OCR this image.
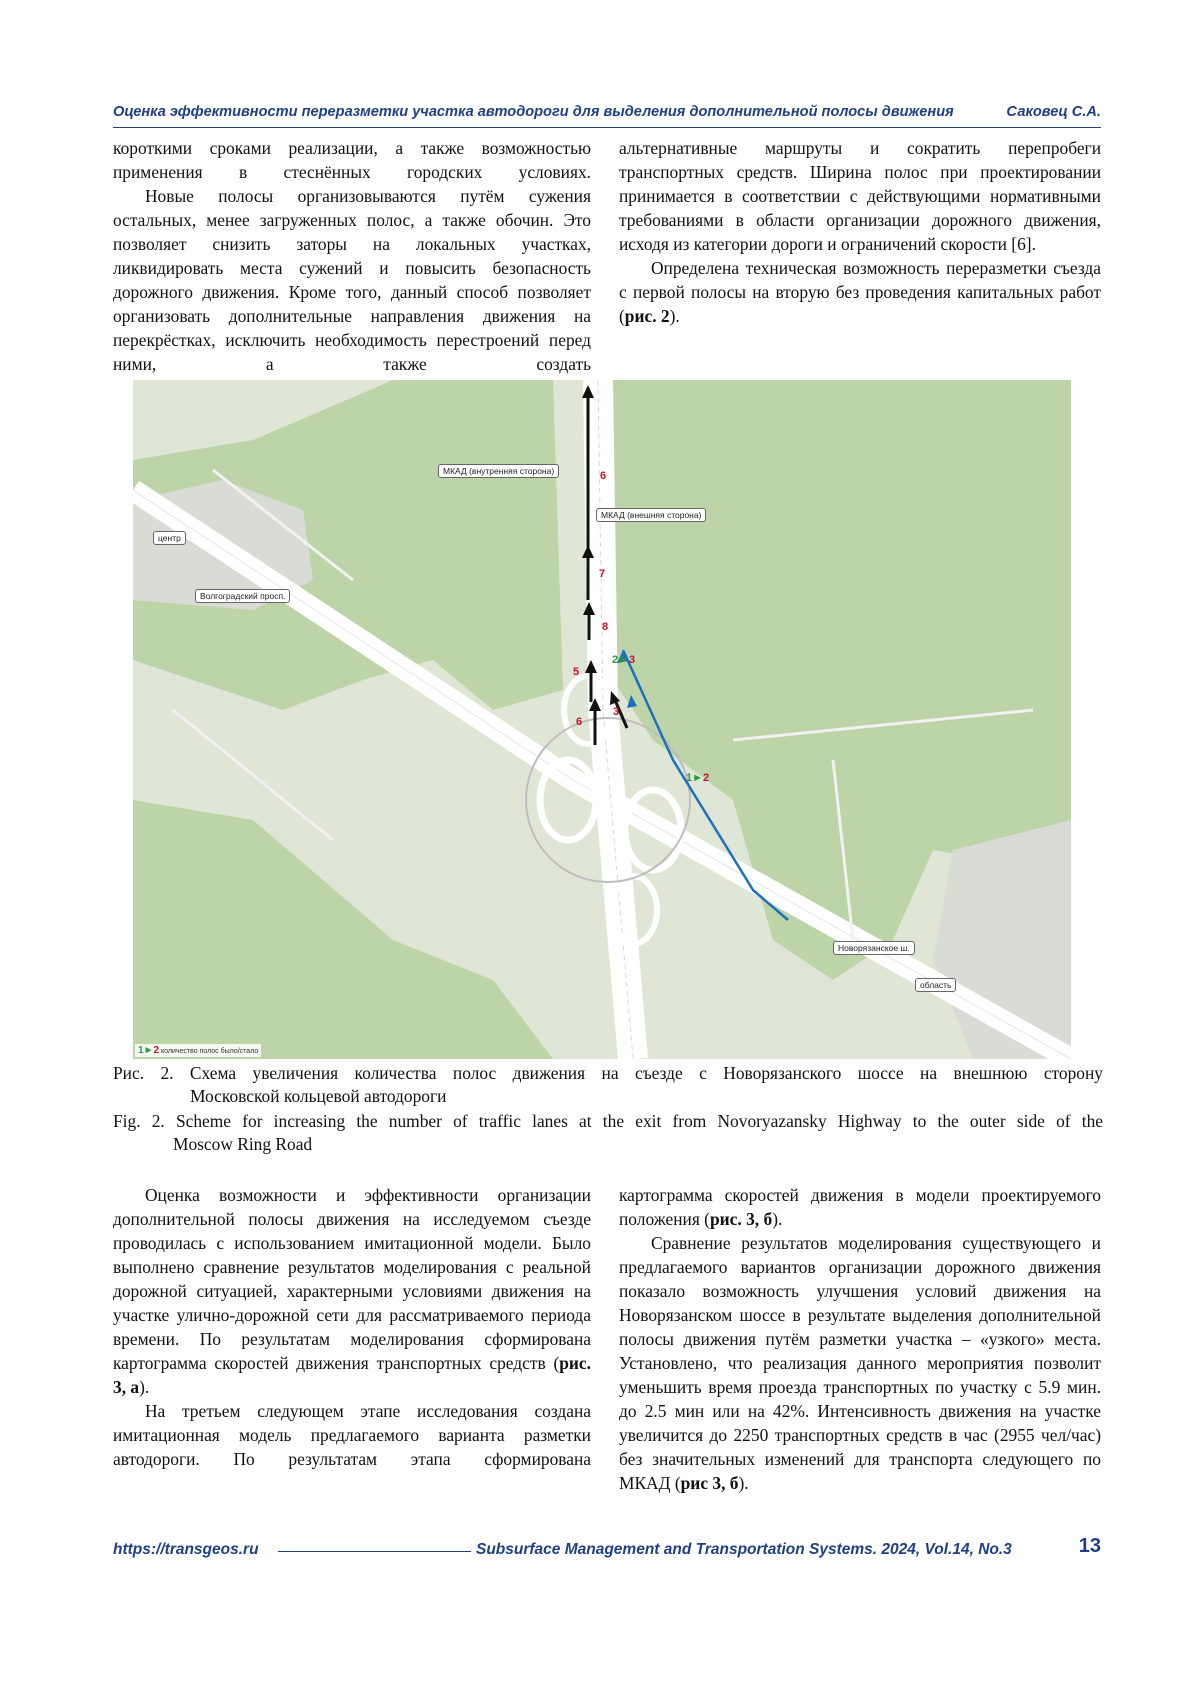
Оценка эффективности переразметки участка автодороги для выделения дополнительной полосы движения	Саковец С.А.

короткими сроками реализации, а также возможностью применения в стеснённых городских условиях.

Новые полосы организовываются путём сужения остальных, менее загруженных полос, а также обочин. Это позволяет снизить заторы на локальных участках, ликвидировать места сужений и повысить безопасность дорожного движения. Кроме того, данный способ позволяет организовать дополнительные направления движения на перекрёстках, исключить необходимость перестроений перед ними, а также создать

альтернативные маршруты и сократить перепробеги транспортных средств. Ширина полос при проектировании принимается в соответствии с действующими нормативными требованиями в области организации дорожного движения, исходя из категории дороги и ограничений скорости [6].

Определена техническая возможность переразметки съезда с первой полосы на вторую без проведения капитальных работ (рис. 2).

МКАД (внутренняя сторона)
МКАД (внешняя сторона)
центр
Волгоградский просп.
Новорязанское ш.
область
6
7
8
5
6
3
2►3
1►2
1►2 количество полос было/стало
Рис. 2. Схема увеличения количества полос движения на съезде с Новорязанского шоссе на внешнюю сторону
Московской кольцевой автодороги
Fig. 2. Scheme for increasing the number of traffic lanes at the exit from Novoryazansky Highway to the outer side of the
Moscow Ring Road

Оценка возможности и эффективности организации дополнительной полосы движения на исследуемом съезде проводилась с использованием имитационной модели. Было выполнено сравнение результатов моделирования с реальной дорожной ситуацией, характерными условиями движения на участке улично-дорожной сети для рассматриваемого периода времени. По результатам моделирования сформирована картограмма скоростей движения транспортных средств (рис. 3, а).

На третьем следующем этапе исследования создана имитационная модель предлагаемого варианта разметки автодороги. По результатам этапа сформирована

картограмма скоростей движения в модели проектируемого положения (рис. 3, б).

Сравнение результатов моделирования существующего и предлагаемого вариантов организации дорожного движения показало возможность улучшения условий движения на Новорязанском шоссе в результате выделения дополнительной полосы движения путём разметки участка – «узкого» места. Установлено, что реализация данного мероприятия позволит уменьшить время проезда транспортных по участку с 5.9 мин. до 2.5 мин или на 42%. Интенсивность движения на участке увеличится до 2250 транспортных средств в час (2955 чел/час) без значительных изменений для транспорта следующего по МКАД (рис 3, б).

https://transgeos.ru	Subsurface Management and Transportation Systems. 2024, Vol.14, No.3	13
